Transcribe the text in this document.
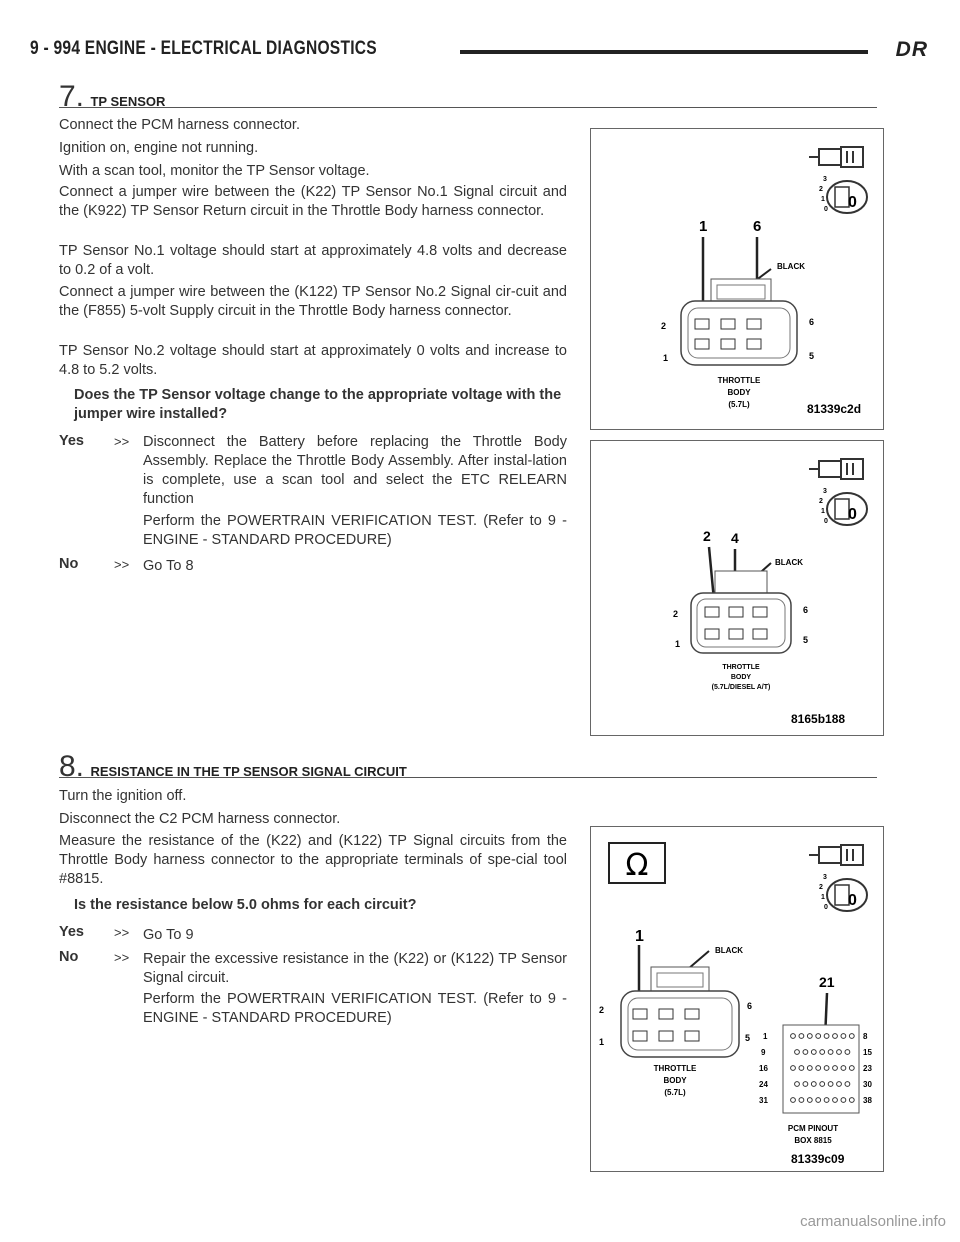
9 - 994 ENGINE - ELECTRICAL DIAGNOSTICS	DR
7. TP SENSOR
Connect the PCM harness connector.
Ignition on, engine not running.
With a scan tool, monitor the TP Sensor voltage.
Connect a jumper wire between the (K22) TP Sensor No.1 Signal circuit and the (K922) TP Sensor Return circuit in the Throttle Body harness connector.
TP Sensor No.1 voltage should start at approximately 4.8 volts and decrease to 0.2 of a volt.
Connect a jumper wire between the (K122) TP Sensor No.2 Signal cir-cuit and the (F855) 5-volt Supply circuit in the Throttle Body harness connector.
TP Sensor No.2 voltage should start at approximately 0 volts and increase to 4.8 to 5.2 volts.
Does the TP Sensor voltage change to the appropriate voltage with the jumper wire installed?
Yes >> Disconnect the Battery before replacing the Throttle Body Assembly. Replace the Throttle Body Assembly. After instal-lation is complete, use a scan tool and select the ETC RELEARN function
Perform the POWERTRAIN VERIFICATION TEST. (Refer to 9 - ENGINE - STANDARD PROCEDURE)
No	>> Go To 8
3
2
1
0 0
1	6
BLACK
2
1
6
5
THROTTLE
BODY
(5.7L)	81339c2d
3
2
1
0 0
2 4
BLACK
2
1
6
5
THROTTLE
BODY
(5.7L/DIESEL A/T)
8165b188
8. RESISTANCE IN THE TP SENSOR SIGNAL CIRCUIT
Turn the ignition off.
Disconnect the C2 PCM harness connector.
Measure the resistance of the (K22) and (K122) TP Signal circuits from the Throttle Body harness connector to the appropriate terminals of spe-cial tool #8815.
Is the resistance below 5.0 ohms for each circuit?
Yes >> Go To 9
No	>> Repair the excessive resistance in the (K22) or (K122) TP Sensor Signal circuit.
Perform the POWERTRAIN VERIFICATION TEST. (Refer to 9 - ENGINE - STANDARD PROCEDURE)
Ω	3
2
1
0 0
1
BLACK
2
1
6
5
THROTTLE
BODY
(5.7L)
21
1
9
16
24
31
8
15
23
30
38
PCM PINOUT
BOX 8815
81339c09
carmanualsonline.info
